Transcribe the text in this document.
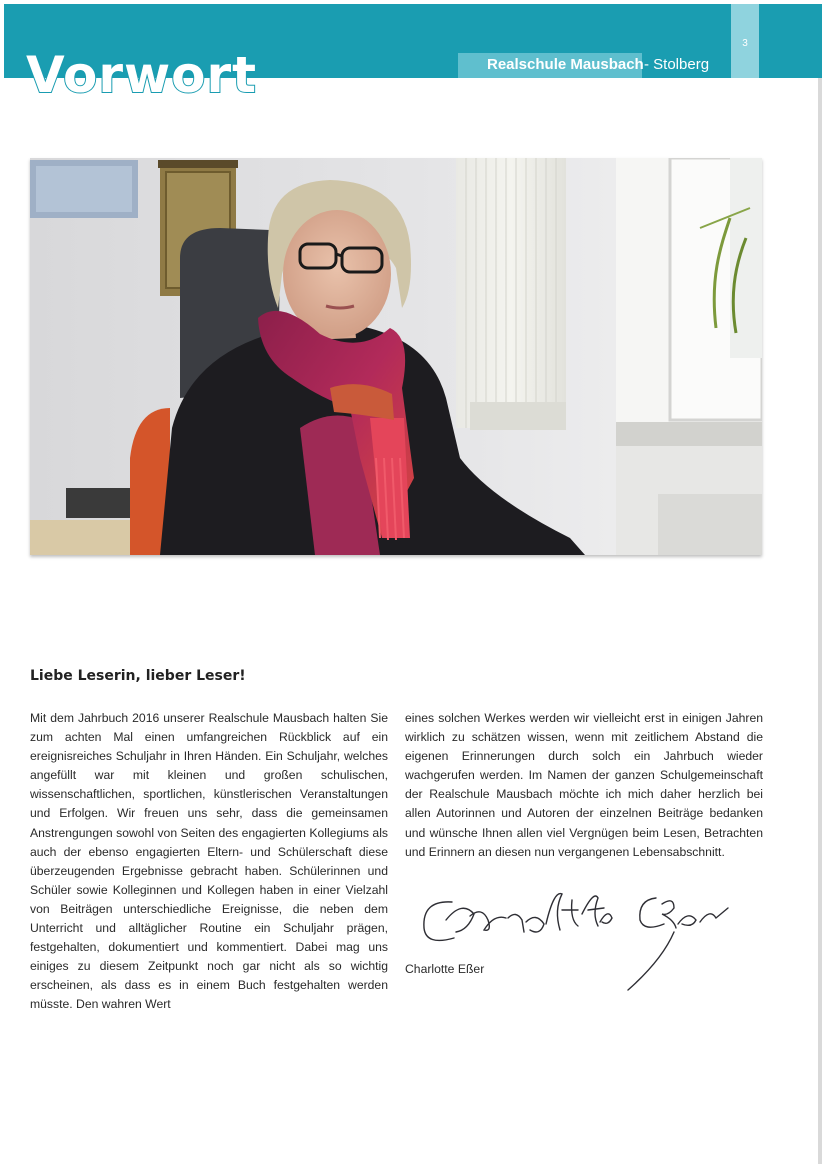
3
Realschule Mausbach - Stolberg
Vorwort
Liebe Leserin, lieber Leser!

Mit dem Jahrbuch 2016 unserer Realschule Mausbach halten Sie zum achten Mal einen umfangreichen Rückblick auf ein ereignisreiches Schuljahr in Ihren Händen. Ein Schuljahr, welches angefüllt war mit kleinen und großen schulischen, wissenschaftlichen, sportlichen, künstlerischen Veranstaltungen und Erfolgen. Wir freuen uns sehr, dass die gemeinsamen Anstrengungen sowohl von Seiten des engagierten Kollegiums als auch der ebenso engagierten Eltern- und Schülerschaft diese überzeugenden Ergebnisse gebracht haben. Schülerinnen und Schüler sowie Kolleginnen und Kollegen haben in einer Vielzahl von Beiträgen unterschiedliche Ereignisse, die neben dem Unterricht und alltäglicher Routine ein Schuljahr prägen, festgehalten, dokumentiert und kommentiert. Dabei mag uns einiges zu diesem Zeitpunkt noch gar nicht als so wichtig erscheinen, als dass es in einem Buch festgehalten werden müsste. Den wahren Wert

eines solchen Werkes werden wir vielleicht erst in einigen Jahren wirklich zu schätzen wissen, wenn mit zeitlichem Abstand die eigenen Erinnerungen durch solch ein Jahrbuch wieder wachgerufen werden. Im Namen der ganzen Schulgemeinschaft der Realschule Mausbach möchte ich mich daher herzlich bei allen Autorinnen und Autoren der einzelnen Beiträge bedanken und wünsche Ihnen allen viel Vergnügen beim Lesen, Betrachten und Erinnern an diesen nun vergangenen Lebensabschnitt.

Charlotte Eßer
